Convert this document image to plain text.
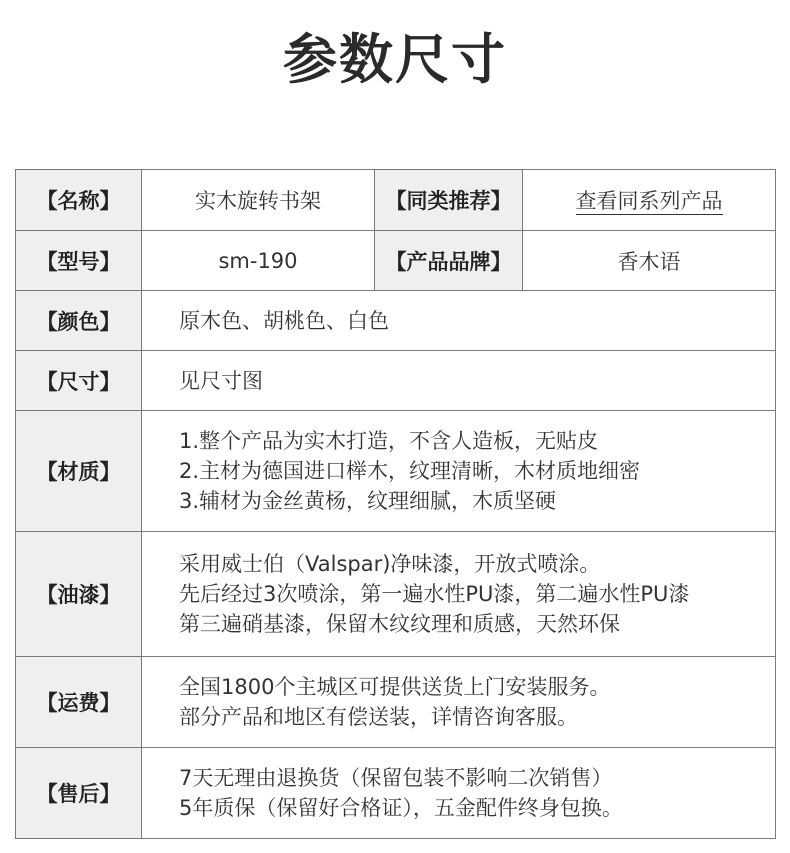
参数尺寸
【名称】	实木旋转书架	【同类推荐】	查看同系列产品
【型号】	sm-190	【产品品牌】	香木语
【颜色】	原木色、胡桃色、白色		
【尺寸】	见尺寸图		
【材质】	1.整个产品为实木打造，不含人造板，无贴皮
2.主材为德国进口榉木，纹理清晰，木材质地细密
3.辅材为金丝黄杨，纹理细腻，木质坚硬		

【油漆】	采用威士伯（Valspar)净味漆，开放式喷涂。
先后经过3次喷涂，第一遍水性PU漆，第二遍水性PU漆
第三遍硝基漆，保留木纹纹理和质感，天然环保		

【运费】	全国1800个主城区可提供送货上门安装服务。
部分产品和地区有偿送装，详情咨询客服。		

【售后】	7天无理由退换货（保留包装不影响二次销售）
5年质保（保留好合格证），五金配件终身包换。		
